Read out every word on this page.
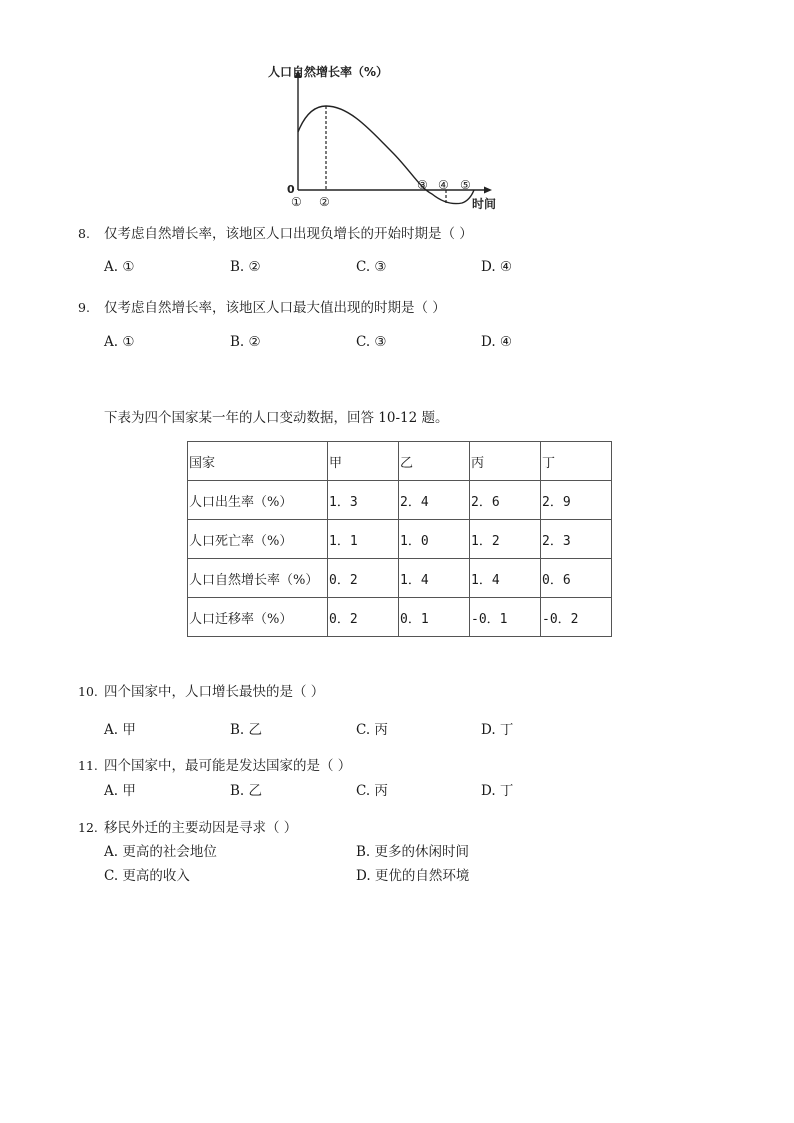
人口自然增长率（%）
0
时间
① ②
③ ④ ⑤
8. 仅考虑自然增长率，该地区人口出现负增长的开始时期是（ ）
A. ①	B. ②	C. ③	D. ④
9. 仅考虑自然增长率，该地区人口最大值出现的时期是（ ）
A. ①	B. ②	C. ③	D. ④
下表为四个国家某一年的人口变动数据，回答 10-12 题。
国家	甲	乙	丙	丁
人口出生率（%）	1．3	2．4	2．6	2．9
人口死亡率（%）	1．1	1．0	1．2	2．3
人口自然增长率（%）	0．2	1．4	1．4	0．6
人口迁移率（%）	0．2	0．1	-0．1	-0．2
10. 四个国家中，人口增长最快的是（ ）
A. 甲	B. 乙	C. 丙	D. 丁
11. 四个国家中，最可能是发达国家的是（ ）
A. 甲	B. 乙	C. 丙	D. 丁
12. 移民外迁的主要动因是寻求（ ）
A. 更高的社会地位	B. 更多的休闲时间
C. 更高的收入	D. 更优的自然环境
